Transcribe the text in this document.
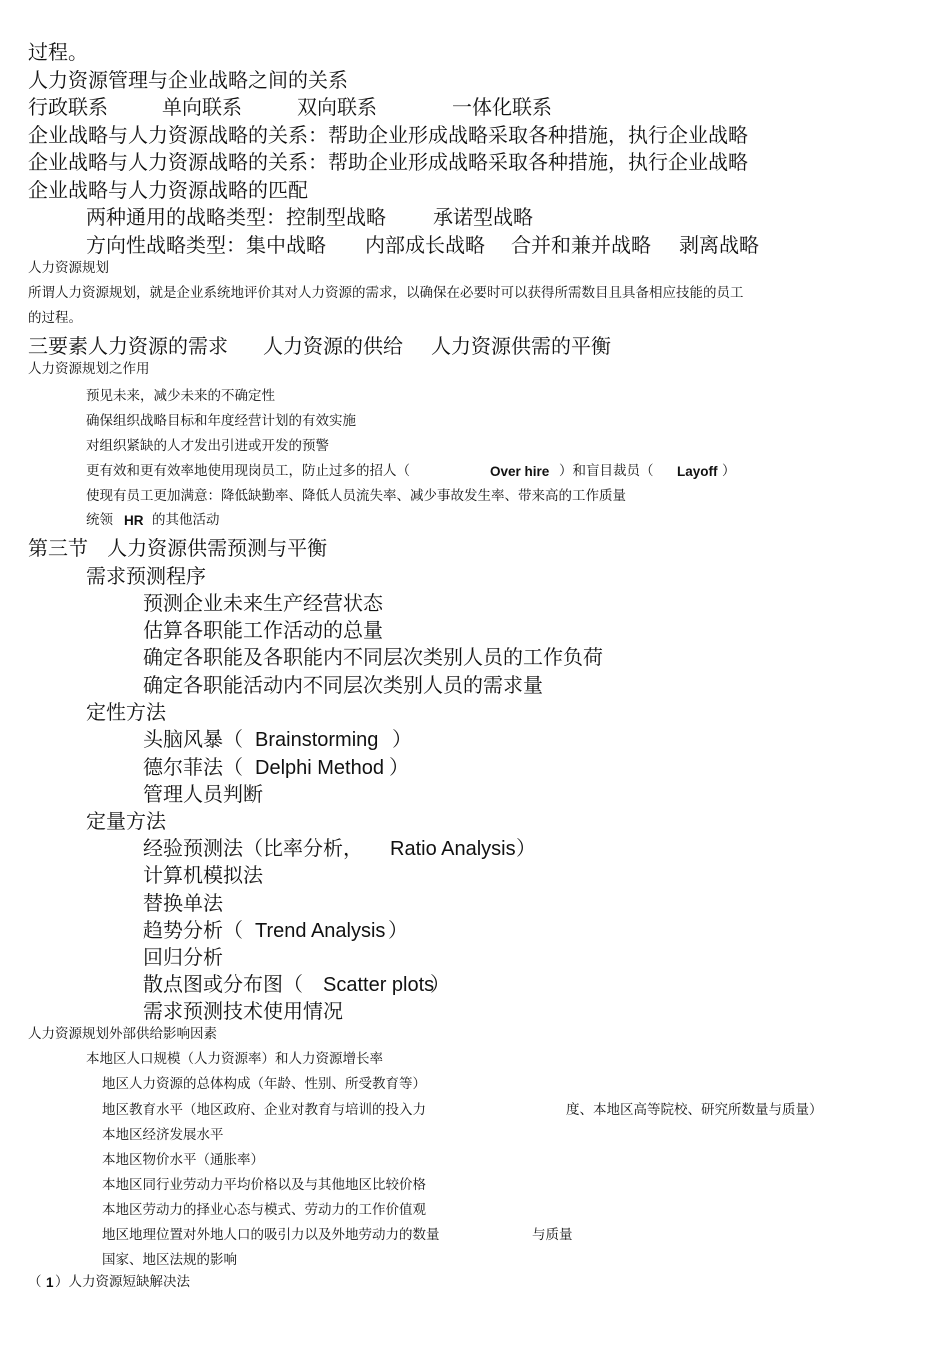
过程。
人力资源管理与企业战略之间的关系
行政联系	单向联系	双向联系	一体化联系
企业战略与人力资源战略的关系：帮助企业形成战略采取各种措施，执行企业战略
企业战略与人力资源战略的关系：帮助企业形成战略采取各种措施，执行企业战略
企业战略与人力资源战略的匹配
两种通用的战略类型：控制型战略 承诺型战略
方向性战略类型：集中战略 内部成长战略 合并和兼并战略 剥离战略
人力资源规划
所谓人力资源规划，就是企业系统地评价其对人力资源的需求，以确保在必要时可以获得所需数目且具备相应技能的员工
的过程。
三要素人力资源的需求 人力资源的供给 人力资源供需的平衡
人力资源规划之作用
预见未来，减少未来的不确定性
确保组织战略目标和年度经营计划的有效实施
对组织紧缺的人才发出引进或开发的预警
更有效和更有效率地使用现岗员工，防止过多的招人（	Over hire ）和盲目裁员（ Layoff ）
使现有员工更加满意：降低缺勤率、降低人员流失率、减少事故发生率、带来高的工作质量
统领 HR 的其他活动
第三节   人力资源供需预测与平衡
需求预测程序
预测企业未来生产经营状态
估算各职能工作活动的总量
确定各职能及各职能内不同层次类别人员的工作负荷
确定各职能活动内不同层次类别人员的需求量
定性方法
头脑风暴（ Brainstorming ）
德尔菲法（ Delphi Method ）
管理人员判断
定量方法
经验预测法（比率分析， Ratio Analysis ）
计算机模拟法
替换单法
趋势分析（ Trend Analysis ）
回归分析
散点图或分布图（ Scatter plots
）
需求预测技术使用情况
人力资源规划外部供给影响因素
本地区人口规模（人力资源率）和人力资源增长率
地区人力资源的总体构成（年龄、性别、所受教育等）
地区教育水平（地区政府、企业对教育与培训的投入力	度、本地区高等院校、研究所数量与质量）
本地区经济发展水平
本地区物价水平（通胀率）
本地区同行业劳动力平均价格以及与其他地区比较价格
本地区劳动力的择业心态与模式、劳动力的工作价值观
地区地理位置对外地人口的吸引力以及外地劳动力的数量	与质量
国家、地区法规的影响
（ 1 ）人力资源短缺解决法
